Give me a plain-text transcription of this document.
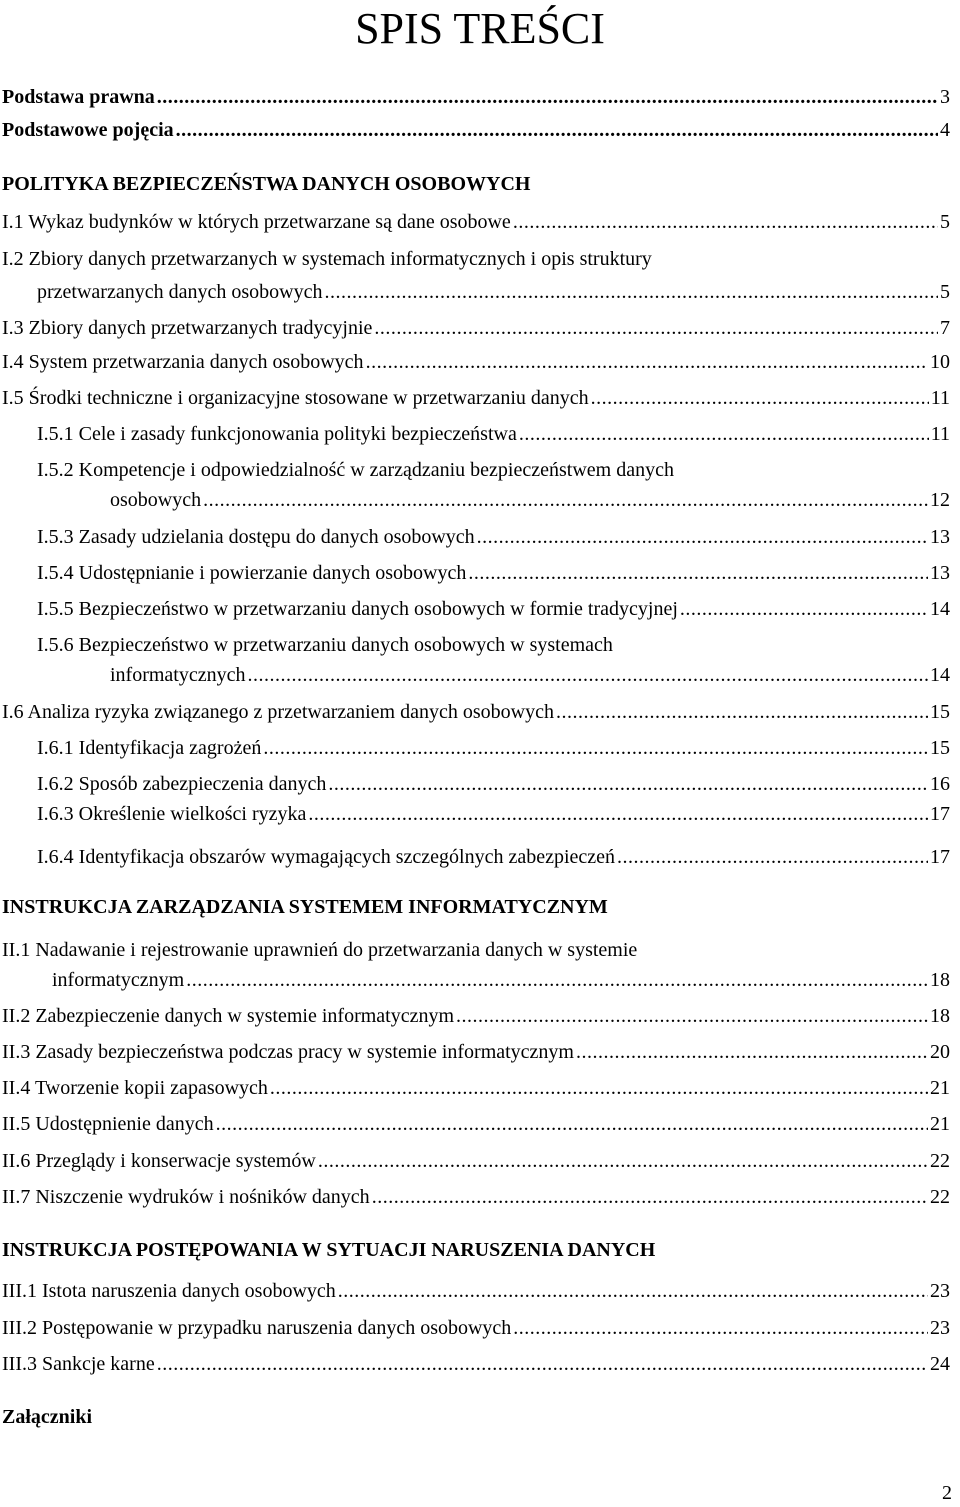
SPIS TREŚCI
Podstawa prawna .....	3
Podstawowe pojęcia .....	4
POLITYKA BEZPIECZEŃSTWA DANYCH OSOBOWYCH
I.1 Wykaz budynków w których przetwarzane są dane osobowe .....	5
I.2 Zbiory danych przetwarzanych w systemach informatycznych i opis struktury
przetwarzanych danych osobowych .....	5
I.3 Zbiory danych przetwarzanych tradycyjnie .....	7
I.4 System przetwarzania danych osobowych .....	10
I.5 Środki techniczne i organizacyjne stosowane w przetwarzaniu danych .....	11
I.5.1 Cele i zasady funkcjonowania polityki bezpieczeństwa .....	11
I.5.2 Kompetencje i odpowiedzialność w zarządzaniu bezpieczeństwem danych
osobowych .....	12
I.5.3 Zasady udzielania dostępu do danych osobowych .....	13
I.5.4 Udostępnianie i powierzanie danych osobowych .....	13
I.5.5 Bezpieczeństwo w przetwarzaniu danych osobowych w formie tradycyjnej .....	14
I.5.6 Bezpieczeństwo w przetwarzaniu danych osobowych w systemach
informatycznych .....	14
I.6 Analiza ryzyka związanego z przetwarzaniem danych osobowych .....	15
I.6.1 Identyfikacja zagrożeń .....	15
I.6.2 Sposób zabezpieczenia danych .....	16
I.6.3 Określenie wielkości ryzyka .....	17
I.6.4 Identyfikacja obszarów wymagających szczególnych zabezpieczeń .....	17
INSTRUKCJA ZARZĄDZANIA SYSTEMEM INFORMATYCZNYM
II.1 Nadawanie i rejestrowanie uprawnień do przetwarzania danych w systemie
informatycznym .....	18
II.2 Zabezpieczenie danych w systemie informatycznym .....	18
II.3 Zasady bezpieczeństwa podczas pracy w systemie informatycznym .....	20
II.4 Tworzenie kopii zapasowych .....	21
II.5 Udostępnienie danych .....	21
II.6 Przeglądy i konserwacje systemów .....	22
II.7 Niszczenie wydruków i nośników danych .....	22
INSTRUKCJA POSTĘPOWANIA W SYTUACJI NARUSZENIA DANYCH
III.1 Istota naruszenia danych osobowych .....	23
III.2 Postępowanie w przypadku naruszenia danych osobowych .....	23
III.3 Sankcje karne .....	24
Załączniki
2
